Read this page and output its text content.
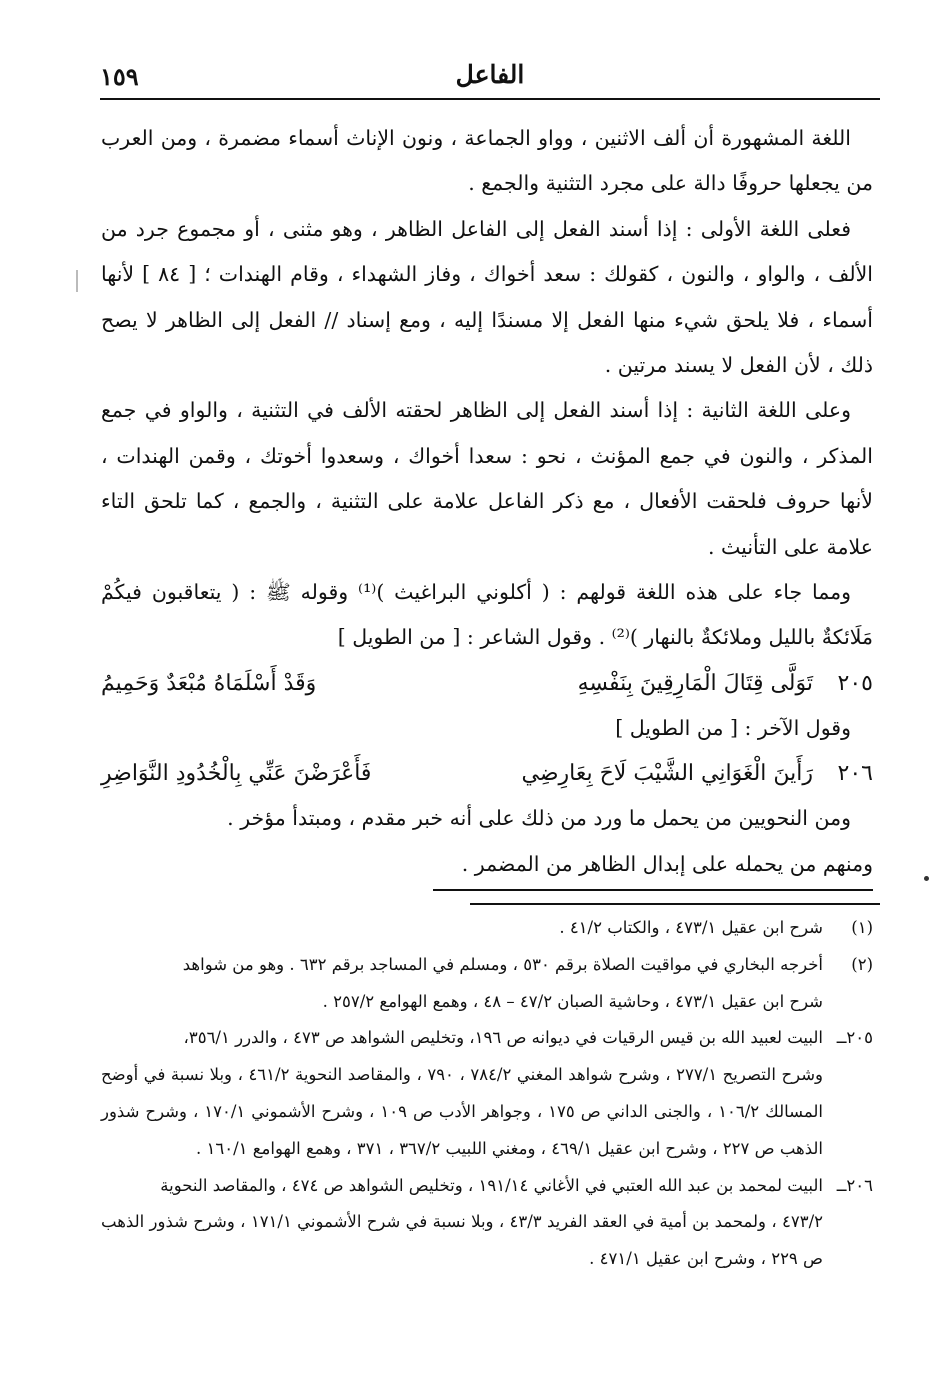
الفاعل
١٥٩

اللغة المشهورة أن ألف الاثنين ، وواو الجماعة ، ونون الإناث أسماء مضمرة ، ومن العرب من يجعلها حروفًا دالة على مجرد التثنية والجمع .

فعلى اللغة الأولى : إذا أسند الفعل إلى الفاعل الظاهر ، وهو مثنى ، أو مجموع جرد من الألف ، والواو ، والنون ، كقولك : سعد أخواك ، وفاز الشهداء ، وقام الهندات ؛ [ ٨٤ ] لأنها أسماء ، فلا يلحق شيء منها الفعل إلا مسندًا إليه ، ومع إسناد // الفعل إلى الظاهر لا يصح ذلك ، لأن الفعل لا يسند مرتين .

وعلى اللغة الثانية : إذا أسند الفعل إلى الظاهر لحقته الألف في التثنية ، والواو في جمع المذكر ، والنون في جمع المؤنث ، نحو : سعدا أخواك ، وسعدوا أخوتك ، وقمن الهندات ، لأنها حروف فلحقت الأفعال ، مع ذكر الفاعل علامة على التثنية ، والجمع ، كما تلحق التاء علامة على التأنيث .

ومما جاء على هذه اللغة قولهم : ( أكلوني البراغيث )⁽¹⁾ وقوله ﷺ : ( يتعاقبون فيكُمْ مَلَائكةٌ بالليل وملائكةٌ بالنهار )⁽²⁾ . وقول الشاعر : [ من الطويل ]

٢٠٥
تَوَلَّى قِتَالَ الْمَارِقِينَ بِنَفْسِهِ
وَقَدْ أَسْلَمَاهُ مُبْعَدٌ وَحَمِيمُ

وقول الآخر : [ من الطويل ]

٢٠٦
رَأَينَ الْغَوَانِي الشَّيْبَ لَاحَ بِعَارِضِي
فَأَعْرَضْنَ عَنِّي بِالْخُدُودِ النَّوَاضِرِ

ومن النحويين من يحمل ما ورد من ذلك على أنه خبر مقدم ، ومبتدأ مؤخر .

ومنهم من يحمله على إبدال الظاهر من المضمر .

(١)
شرح ابن عقيل ٤٧٣/١ ، والكتاب ٤١/٢ .
(٢)
أخرجه البخاري في مواقيت الصلاة برقم ٥٣٠ ، ومسلم في المساجد برقم ٦٣٢ . وهو من شواهد
شرح ابن عقيل ٤٧٣/١ ، وحاشية الصبان ٤٧/٢ – ٤٨ ، وهمع الهوامع ٢٥٧/٢ .
٢٠٥ــ
البيت لعبيد الله بن قيس الرقيات في ديوانه ص ١٩٦، وتخليص الشواهد ص ٤٧٣ ، والدرر ٣٥٦/١،
وشرح التصريح ٢٧٧/١ ، وشرح شواهد المغني ٧٨٤/٢ ، ٧٩٠ ، والمقاصد النحوية ٤٦١/٢ ، وبلا نسبة في أوضح المسالك ١٠٦/٢ ، والجنى الداني ص ١٧٥ ، وجواهر الأدب ص ١٠٩ ، وشرح الأشموني ١٧٠/١ ، وشرح شذور الذهب ص ٢٢٧ ، وشرح ابن عقيل ٤٦٩/١ ، ومغني اللبيب ٣٦٧/٢ ، ٣٧١ ، وهمع الهوامع ١٦٠/١ .
٢٠٦ــ
البيت لمحمد بن عبد الله العتبي في الأغاني ١٩١/١٤ ، وتخليص الشواهد ص ٤٧٤ ، والمقاصد النحوية
٤٧٣/٢ ، ولمحمد بن أمية في العقد الفريد ٤٣/٣ ، وبلا نسبة في شرح الأشموني ١٧١/١ ، وشرح شذور الذهب ص ٢٢٩ ، وشرح ابن عقيل ٤٧١/١ .
